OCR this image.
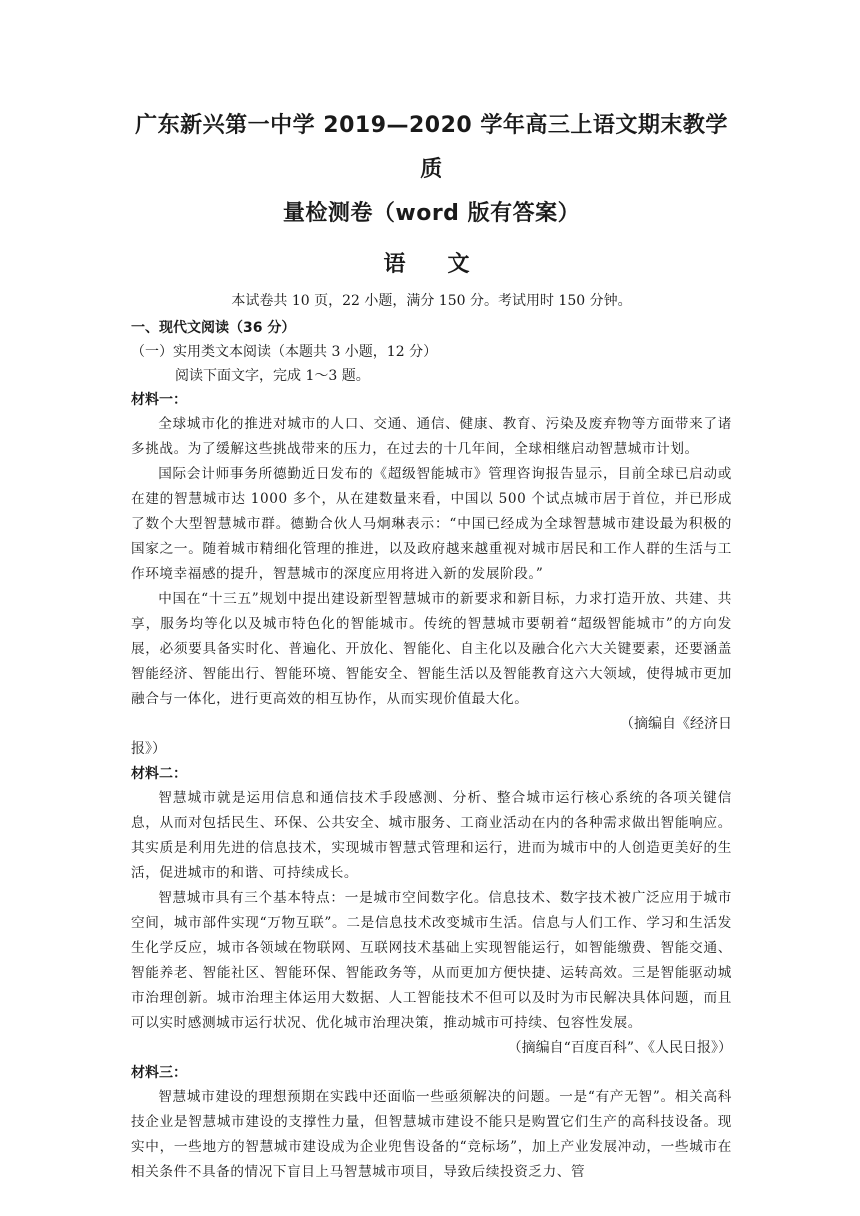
广东新兴第一中学 2019—2020 学年高三上语文期末教学质
量检测卷（word 版有答案）
语　文

本试卷共 10 页，22 小题，满分 150 分。考试用时 150 分钟。

一、现代文阅读（36 分）

（一）实用类文本阅读（本题共 3 小题，12 分）

阅读下面文字，完成 1～3 题。

材料一：

全球城市化的推进对城市的人口、交通、通信、健康、教育、污染及废弃物等方面带来了诸多挑战。为了缓解这些挑战带来的压力，在过去的十几年间，全球相继启动智慧城市计划。

国际会计师事务所德勤近日发布的《超级智能城市》管理咨询报告显示，目前全球已启动或在建的智慧城市达 1000 多个，从在建数量来看，中国以 500 个试点城市居于首位，并已形成了数个大型智慧城市群。德勤合伙人马炯琳表示：“中国已经成为全球智慧城市建设最为积极的国家之一。随着城市精细化管理的推进，以及政府越来越重视对城市居民和工作人群的生活与工作环境幸福感的提升，智慧城市的深度应用将进入新的发展阶段。”

中国在“十三五”规划中提出建设新型智慧城市的新要求和新目标，力求打造开放、共建、共享，服务均等化以及城市特色化的智能城市。传统的智慧城市要朝着“超级智能城市”的方向发展，必须要具备实时化、普遍化、开放化、智能化、自主化以及融合化六大关键要素，还要涵盖智能经济、智能出行、智能环境、智能安全、智能生活以及智能教育这六大领域，使得城市更加融合与一体化，进行更高效的相互协作，从而实现价值最大化。

（摘编自《经济日

报》）

材料二：

智慧城市就是运用信息和通信技术手段感测、分析、整合城市运行核心系统的各项关键信息，从而对包括民生、环保、公共安全、城市服务、工商业活动在内的各种需求做出智能响应。其实质是利用先进的信息技术，实现城市智慧式管理和运行，进而为城市中的人创造更美好的生活，促进城市的和谐、可持续成长。

智慧城市具有三个基本特点：一是城市空间数字化。信息技术、数字技术被广泛应用于城市空间，城市部件实现“万物互联”。二是信息技术改变城市生活。信息与人们工作、学习和生活发生化学反应，城市各领域在物联网、互联网技术基础上实现智能运行，如智能缴费、智能交通、智能养老、智能社区、智能环保、智能政务等，从而更加方便快捷、运转高效。三是智能驱动城市治理创新。城市治理主体运用大数据、人工智能技术不但可以及时为市民解决具体问题，而且可以实时感测城市运行状况、优化城市治理决策，推动城市可持续、包容性发展。

（摘编自“百度百科”、《人民日报》）

材料三：

智慧城市建设的理想预期在实践中还面临一些亟须解决的问题。一是“有产无智”。相关高科技企业是智慧城市建设的支撑性力量，但智慧城市建设不能只是购置它们生产的高科技设备。现实中，一些地方的智慧城市建设成为企业兜售设备的“竞标场”，加上产业发展冲动，一些城市在相关条件不具备的情况下盲目上马智慧城市项目，导致后续投资乏力、管
